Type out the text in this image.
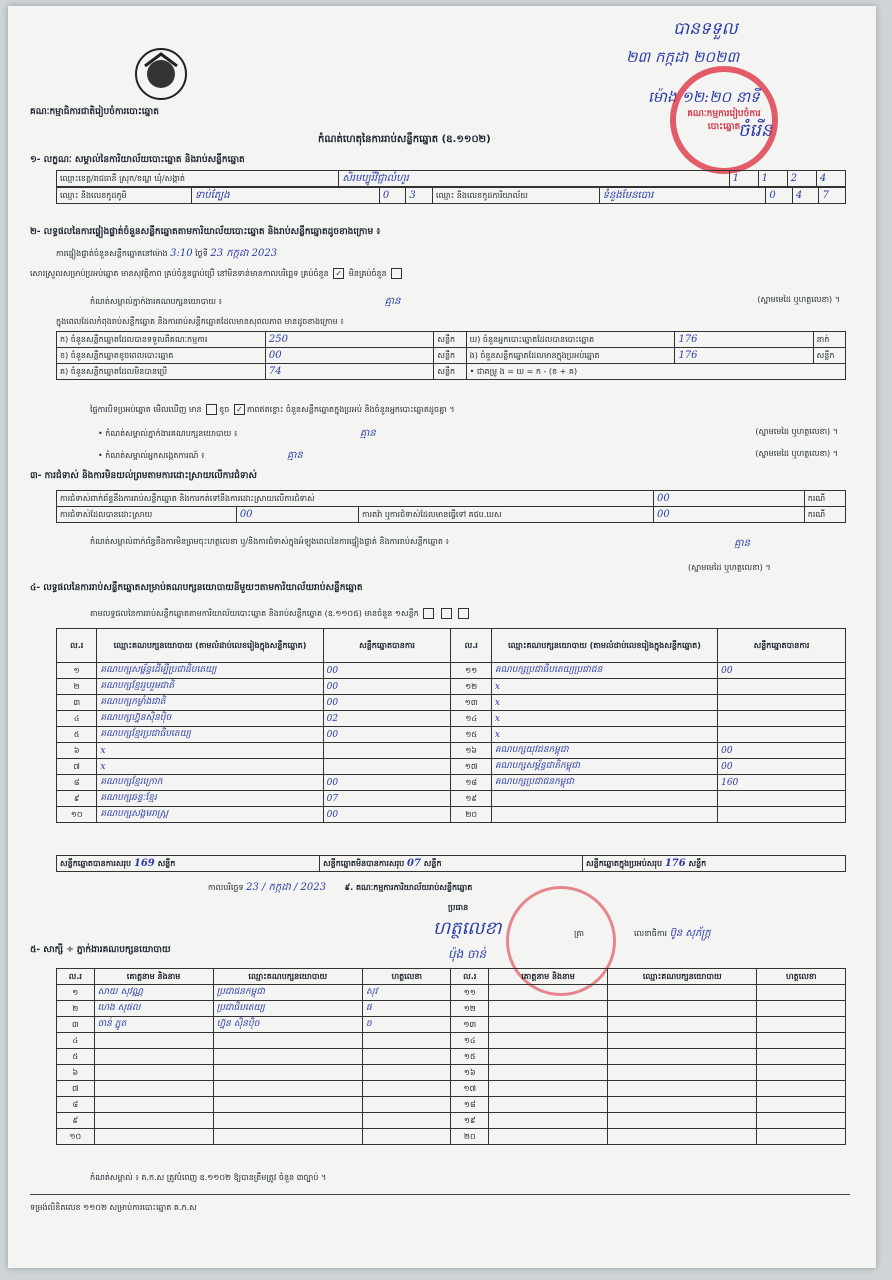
គណៈកម្មាធិការជាតិរៀបចំការបោះឆ្នោត
បានទទួល
២៣ កក្កដា ២០២៣
ម៉ោង ១២:២០ នាទី
ចំរើន
គណៈកម្មការរៀបចំការបោះឆ្នោត
កំណត់ហេតុនៃការរាប់សន្លឹកឆ្នោត (ឧ.១១០២)
១- លក្ខណៈ សម្គាល់នៃការិយាល័យបោះឆ្នោត និងរាប់សន្លឹកឆ្នោត
ឈ្មោះខេត្ត/រាជធានី ស្រុក/ខណ្ឌ ឃុំ/សង្កាត់	សិរមប្បូរីវិជ្ជាលំហូរ	1	1	2	4
ឈ្មោះ និងលេខកូដភូមិ	ទាប់ត្បែង	0	3	ឈ្មោះ និងលេខកូដការិយាល័យ	ទំនួងមែនបោរ	0	4	7
២- លទ្ធផលនៃការផ្ទៀងផ្ទាត់ចំនួនសន្លឹកឆ្នោតតាមការិយាល័យបោះឆ្នោត និងរាប់សន្លឹកឆ្នោតដូចខាងក្រោម ៖
ការផ្ទៀងផ្ទាត់ចំនួនសន្លឹកឆ្នោតនៅម៉ោង 3:10 ថ្ងៃទី 23 កក្កដា 2023
សោរស្រួលសម្រាប់ប្រអប់ឆ្នោត មានសុវត្ថិភាព គ្រប់ចំនួនធ្លាប់ប្រើ នៅមិនទាន់មានកាលបរិច្ឆេទ គ្រប់ចំនួន ✓ មិនគ្រប់ចំនួន
កំណត់សម្គាល់ភ្នាក់ងារគណបក្សនយោបាយ ៖	គ្មាន	(ស្នាមមេដៃ ឬហត្ថលេខា) ។
ក្នុងពេលដែលកំពុងរាប់សន្លឹកឆ្នោត និងការរាប់សន្លឹកឆ្នោតដែលមានសុពលភាព មានដូចខាងក្រោម ៖
ក) ចំនួនសន្លឹកឆ្នោតដែលបានទទួលពីគណៈកម្មការ	250	សន្លឹក	ឃ) ចំនួនអ្នកបោះឆ្នោតដែលបានបោះឆ្នោត	176	នាក់
ខ) ចំនួនសន្លឹកឆ្នោតខូចពេលបោះឆ្នោត	00	សន្លឹក	ង) ចំនួនសន្លឹកឆ្នោតដែលមានក្នុងប្រអប់ឆ្នោត	176	សន្លឹក
គ) ចំនួនសន្លឹកឆ្នោតដែលមិនបានប្រើ	74	សន្លឹក	• ជាគម្រូ ង = ឃ = ក - (ខ + គ)		
ផ្ទៃការបិទប្រអប់ឆ្នោត មើលឃើញ មាន ខូច ✓ ភាពឥតខ្ចោះ ចំនួនសន្លឹកឆ្នោតក្នុងប្រអប់ និងចំនួនអ្នកបោះឆ្នោតដូចគ្នា ។
• កំណត់សម្គាល់ភ្នាក់ងារគណបក្សនយោបាយ ៖	គ្មាន	(ស្នាមមេដៃ ឬហត្ថលេខា) ។
• កំណត់សម្គាល់អ្នកសង្កេតការណ៍ ៖	គ្មាន	(ស្នាមមេដៃ ឬហត្ថលេខា) ។
៣- ការជំទាស់ និងការមិនយល់ព្រមតាមការដោះស្រាយលើការជំទាស់
ការជំទាស់ពាក់ព័ន្ធនឹងការរាប់សន្លឹកឆ្នោត និងការកត់ទៅនឹងការដោះស្រាយលើការជំទាស់			00	ករណី
ការជំទាស់ដែលបានដោះស្រាយ	00	ការតវ៉ា ឬការជំទាស់ដែលមានធ្វើទៅ គជប.ឃស	00	ករណី
កំណត់សម្គាល់ពាក់ព័ន្ធនឹងការមិនព្រមចុះហត្ថលេខា ឬ/និងការជំទាស់ក្នុងអំឡុងពេលនៃការផ្ទៀងផ្ទាត់ និងការរាប់សន្លឹកឆ្នោត ៖	គ្មាន
(ស្នាមមេដៃ ឬហត្ថលេខា) ។
៤- លទ្ធផលនៃការរាប់សន្លឹកឆ្នោតសម្រាប់គណបក្សនយោបាយនីមួយៗតាមការិយាល័យរាប់សន្លឹកឆ្នោត
តាមលទ្ធផលនៃការរាប់សន្លឹកឆ្នោតតាមការិយាល័យបោះឆ្នោត និងរាប់សន្លឹកឆ្នោត (ឧ.១១០៥) មានចំនួន ១សន្លឹក
ល.រ	ឈ្មោះគណបក្សនយោបាយ (តាមលំដាប់លេខរៀងក្នុងសន្លឹកឆ្នោត)	សន្លឹកឆ្នោតបានការ	ល.រ	ឈ្មោះគណបក្សនយោបាយ (តាមលំដាប់លេខរៀងក្នុងសន្លឹកឆ្នោត)	សន្លឹកឆ្នោតបានការ
១	គណបក្សសម្ព័ន្ធដើម្បីប្រជាធិបតេយ្យ	00	១១	គណបក្សប្រជាធិបតេយ្យប្រជាជន	00
២	គណបក្សខ្មែររួបរួមជាតិ	00	១២	x	
៣	គណបក្សកម្លាំងជាតិ	00	១៣	x	
៤	គណបក្សហ្វ៊ុនស៊ិនប៉ិច	02	១៤	x	
៥	គណបក្សខ្មែរប្រជាធិបតេយ្យ	00	១៥	x	
៦	x		១៦	គណបក្សយុវជនកម្ពុជា	00
៧	x		១៧	គណបក្សសម្ព័ន្ធជាតិកម្ពុជា	00
៨	គណបក្សខ្មែរក្រោក	00	១៨	គណបក្សប្រជាជនកម្ពុជា	160
៩	គណបក្សឆន្ទៈខ្មែរ	07	១៩		
១០	គណបក្សសង្គមរាស្ត្រ	00	២០		
សន្លឹកឆ្នោតបានការសរុប 169 សន្លឹក	សន្លឹកឆ្នោតមិនបានការសរុប 07 សន្លឹក	សន្លឹកឆ្នោតក្នុងប្រអប់សរុប 176 សន្លឹក
កាលបរិច្ឆេទ 23 / កក្កដា / 2023 ៩. គណៈកម្មការការិយាល័យរាប់សន្លឹកឆ្នោត
ប្រធាន
ហត្ថលេខា	ត្រា
ប៉ុង ចាន់
លេខាធិការ ប៊ូន សុភ័ក្ត្រ
៥- សាក្សី ÷ ភ្នាក់ងារគណបក្សនយោបាយ
ល.រ	គោត្តនាម និងនាម	ឈ្មោះគណបក្សនយោបាយ	ហត្ថលេខា	ល.រ	គោត្តនាម និងនាម	ឈ្មោះគណបក្សនយោបាយ	ហត្ថលេខា
១	សាយ សុវណ្ណ	ប្រជាជនកម្ពុជា	សុវ	១១			
២	ហេង សុផល	ប្រជាធិបតេយ្យ	ផ	១២			
៣	ចាន់ ភ្នូត	ហ្វ៊ុន ស៊ិនប៉ិច	ច	១៣			
៤				១៤			
៥				១៥			
៦				១៦			
៧				១៧			
៨				១៨			
៩				១៩			
១០				២០			
កំណត់សម្គាល់ ៖ គ.ក.ស ត្រូវបំពេញ ឧ.១១០២ ឱ្យបានត្រឹមត្រូវ ចំនួន ៣ច្បាប់ ។
ទម្រង់លិខិតលេខ ១១០២ សម្រាប់ការបោះឆ្នោត គ.ក.ស
